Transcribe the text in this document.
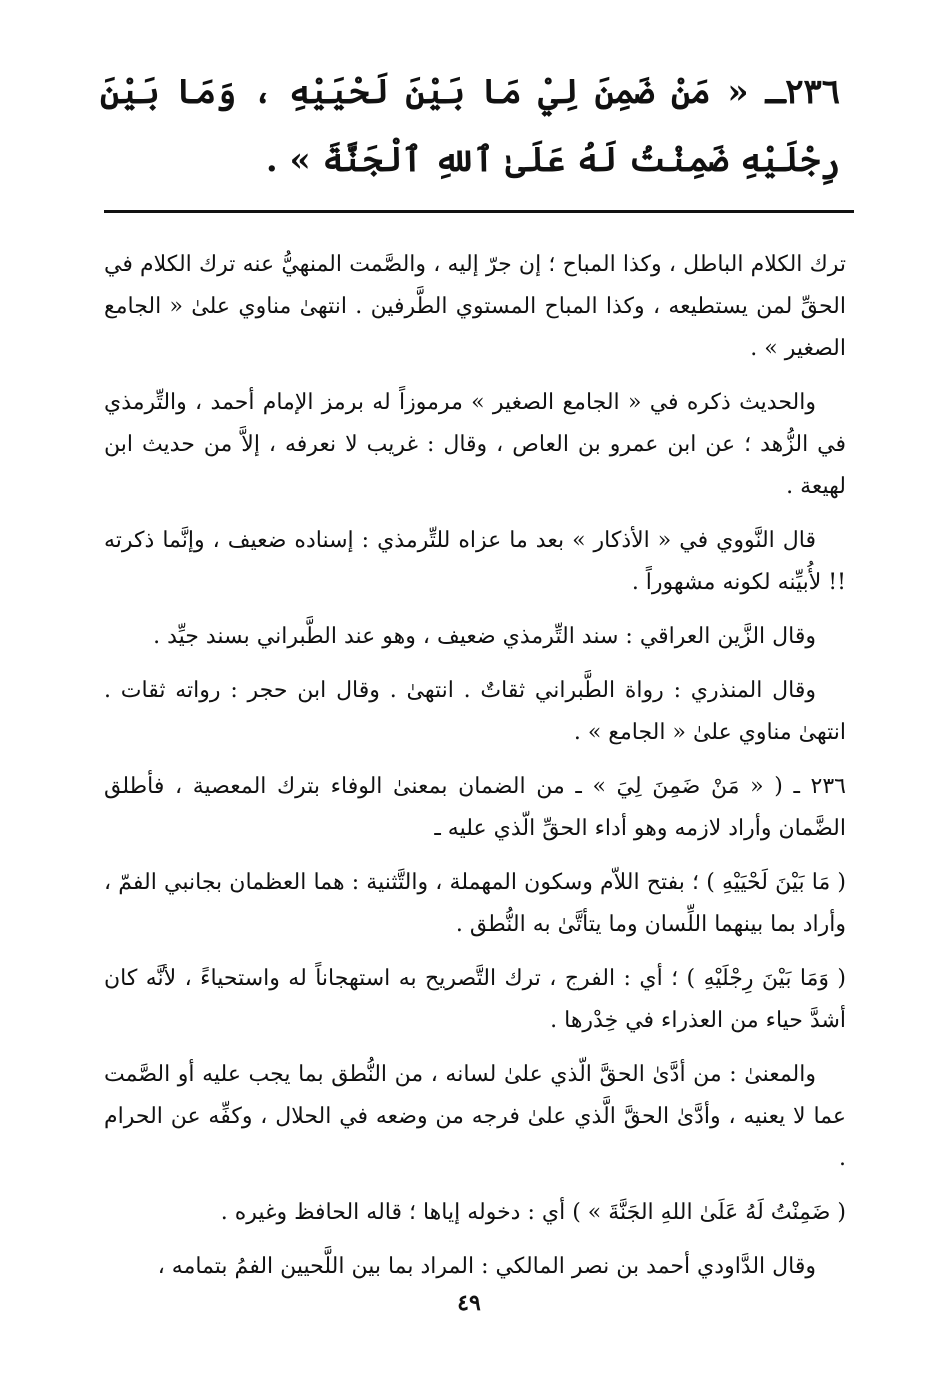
٢٣٦ـ « مَنْ ضَمِنَ لِيْ مَا بَيْنَ لَحْيَيْهِ ، وَمَا بَيْنَ رِجْلَيْهِ ضَمِنْتُ لَهُ عَلَىٰ ٱللهِ ٱلْجَنَّةَ » .

ترك الكلام الباطل ، وكذا المباح ؛ إن جرّ إليه ، والصَّمت المنهيُّ عنه ترك الكلام في الحقِّ لمن يستطيعه ، وكذا المباح المستوي الطَّرفين . انتهىٰ مناوي علىٰ « الجامع الصغير » .

والحديث ذكره في « الجامع الصغير » مرموزاً له برمز الإمام أحمد ، والتِّرمذي في الزُّهد ؛ عن ابن عمرو بن العاص ، وقال : غريب لا نعرفه ، إلاَّ من حديث ابن لهيعة .

قال النَّووي في « الأذكار » بعد ما عزاه للتِّرمذي : إسناده ضعيف ، وإنَّما ذكرته !! لأُبيِّنه لكونه مشهوراً .

وقال الزَّين العراقي : سند التِّرمذي ضعيف ، وهو عند الطَّبراني بسند جيِّد .

وقال المنذري : رواة الطَّبراني ثقاتٌ . انتهىٰ . وقال ابن حجر : رواته ثقات . انتهىٰ مناوي علىٰ « الجامع » .

٢٣٦ ـ ( « مَنْ ضَمِنَ لِيَ » ـ من الضمان بمعنىٰ الوفاء بترك المعصية ، فأطلق الضَّمان وأراد لازمه وهو أداء الحقِّ الّذي عليه ـ

( مَا بَيْنَ لَحْيَيْهِ ) ؛ بفتح اللاّم وسكون المهملة ، والتَّثنية : هما العظمان بجانبي الفمّ ، وأراد بما بينهما اللِّسان وما يتأتَّىٰ به النُّطق .

( وَمَا بَيْنَ رِجْلَيْهِ ) ؛ أي : الفرج ، ترك التَّصريح به استهجاناً له واستحياءً ، لأنَّه كان أشدَّ حياء من العذراء في خِدْرها .

والمعنىٰ : من أدَّىٰ الحقَّ الّذي علىٰ لسانه ، من النُّطق بما يجب عليه أو الصَّمت عما لا يعنيه ، وأدَّىٰ الحقَّ الَّذي علىٰ فرجه من وضعه في الحلال ، وكفِّه عن الحرام .

( ضَمِنْتُ لَهُ عَلَىٰ اللهِ الجَنَّةَ » ) أي : دخوله إياها ؛ قاله الحافظ وغيره .

وقال الدَّاودي أحمد بن نصر المالكي : المراد بما بين اللَّحيين الفمُ بتمامه ،

٤٩
